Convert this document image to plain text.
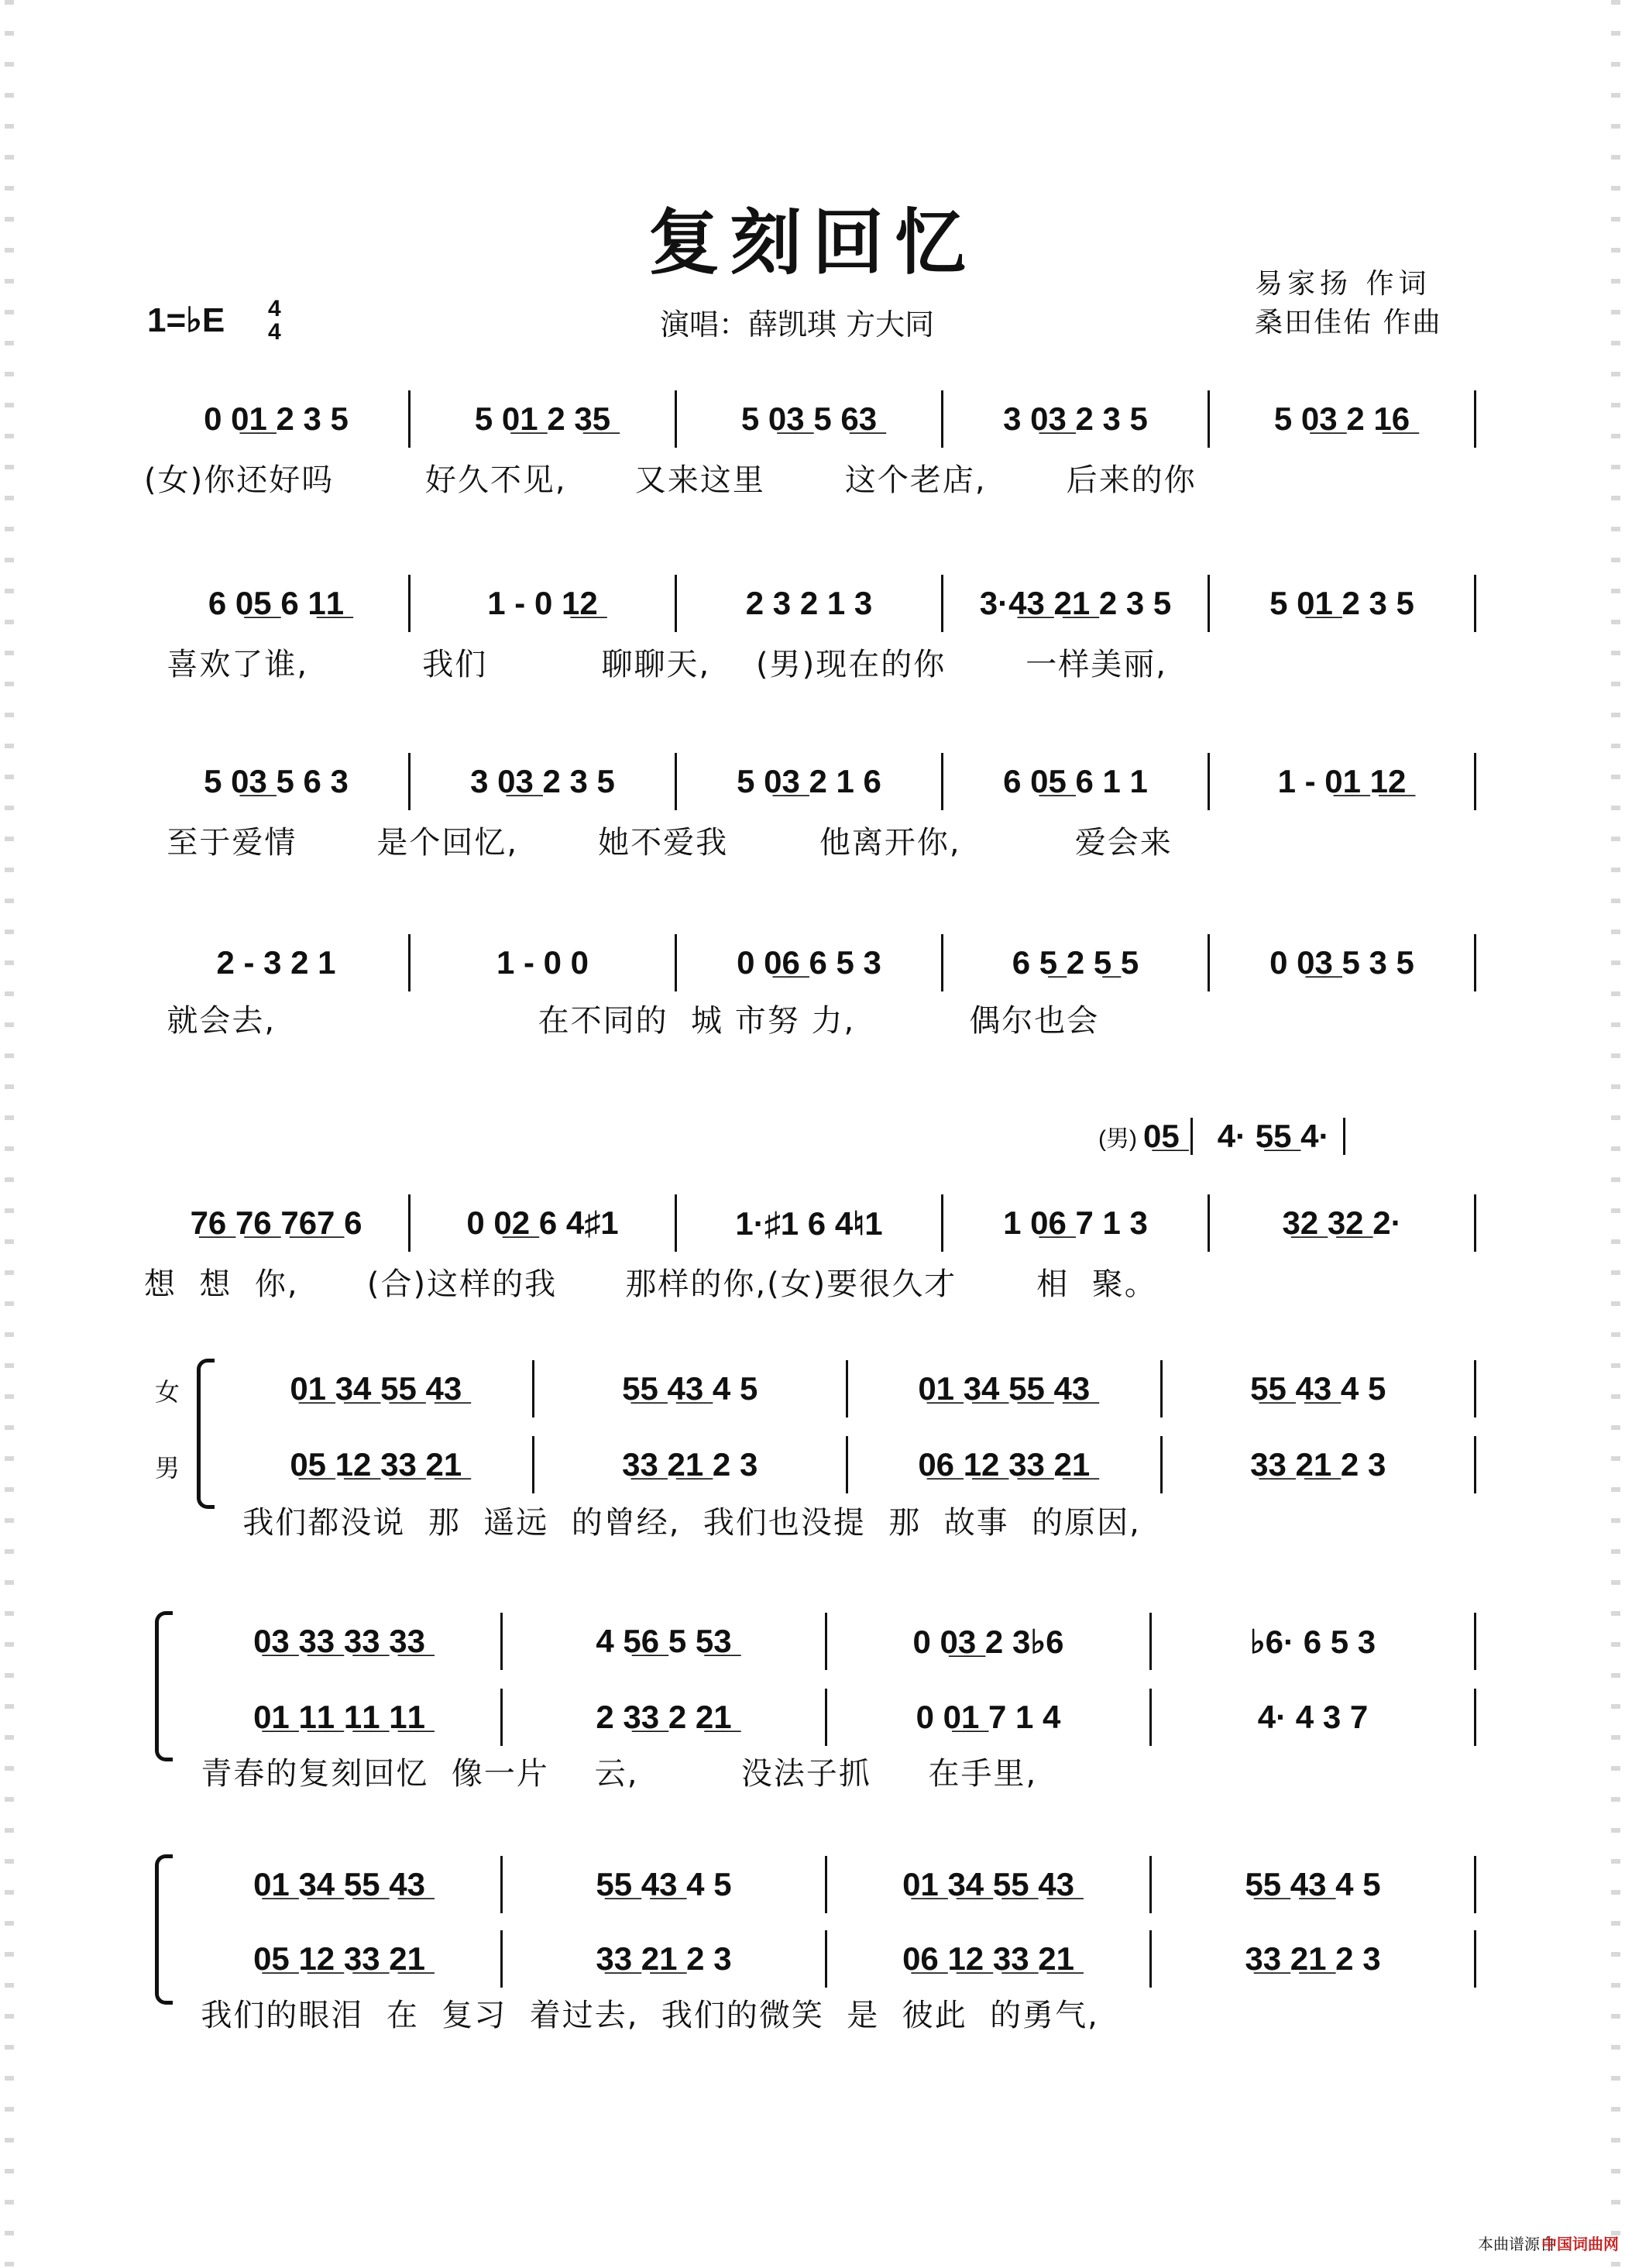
复刻回忆
1=♭E 4
4	演唱：薛凯琪 方大同
易家扬 作词
桑田佳佑 作曲
0 0̲1̲ 2 3 5	5 0̲1̲ 2 3̲5̲	5 0̲3̲ 5 6̲3̲	3 0̲3̲ 2 3 5	5 0̲3̲ 2 1̲6̲
(女)你还好吗        好久不见,      又来这里       这个老店,       后来的你
6 0̲5̲ 6 1̲1̲	1 - 0 1̲2̲	2 3 2 1 3	3·4̲3̲ 2̲1̲ 2 3 5	5 0̲1̲ 2 3 5
喜欢了谁,          我们          聊聊天,    (男)现在的你       一样美丽,
5 0̲3̲ 5 6 3	3 0̲3̲ 2 3 5	5 0̲3̲ 2 1 6	6 0̲5̲ 6 1 1	1 - 0̲1̲ 1̲2̲
至于爱情       是个回忆,       她不爱我        他离开你,          爱会来
2 - 3 2 1	1 - 0 0	0 0̲6̲ 6 5 3	6 5̲ 2 5̲ 5	0 0̲3̲ 5 3 5
就会去,                       在不同的  城 市努 力,          偶尔也会
(男) 0̲5̲	4· 5̲5̲ 4·
7̲6̲ 7̲6̲ 7̲6̲7̲ 6	0 0̲2̲ 6 4♯1	1·♯1 6 4♮1	1 0̲6̲ 7 1 3	3̲2̲ 3̲2̲ 2·
想  想  你,      (合)这样的我      那样的你,(女)要很久才       相  聚。
女
男
0̲1̲ 3̲4̲ 5̲5̲ 4̲3̲	5̲5̲ 4̲3̲ 4 5	0̲1̲ 3̲4̲ 5̲5̲ 4̲3̲	5̲5̲ 4̲3̲ 4 5
0̲5̲ 1̲2̲ 3̲3̲ 2̲1̲	3̲3̲ 2̲1̲ 2 3	0̲6̲ 1̲2̲ 3̲3̲ 2̲1̲	3̲3̲ 2̲1̲ 2 3
我们都没说  那  遥远  的曾经,  我们也没提  那  故事  的原因,
0̲3̲ 3̲3̲ 3̲3̲ 3̲3̲	4 5̲6̲ 5 5̲3̲	0 0̲3̲ 2 3♭6	♭6· 6 5 3
0̲1̲ 1̲1̲ 1̲1̲ 1̲1̲	2 3̲3̲ 2 2̲1̲	0 0̲1̲ 7 1 4	4· 4 3 7
青春的复刻回忆  像一片    云,         没法子抓     在手里,
0̲1̲ 3̲4̲ 5̲5̲ 4̲3̲	5̲5̲ 4̲3̲ 4 5	0̲1̲ 3̲4̲ 5̲5̲ 4̲3̲	5̲5̲ 4̲3̲ 4 5
0̲5̲ 1̲2̲ 3̲3̲ 2̲1̲	3̲3̲ 2̲1̲ 2 3	0̲6̲ 1̲2̲ 3̲3̲ 2̲1̲	3̲3̲ 2̲1̲ 2 3
我们的眼泪  在  复习  着过去,  我们的微笑  是  彼此  的勇气,
本曲谱源自
中国词曲网
